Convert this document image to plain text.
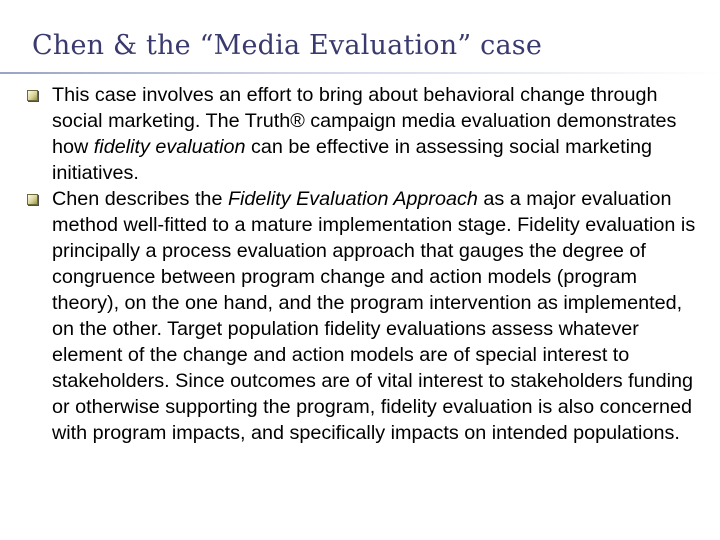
Chen & the “Media Evaluation” case
This case involves an effort to bring about behavioral change through social marketing. The Truth® campaign media evaluation demonstrates how fidelity evaluation can be effective in assessing social marketing initiatives.
Chen describes the Fidelity Evaluation Approach as a major evaluation method well-fitted to a mature implementation stage. Fidelity evaluation is principally a process evaluation approach that gauges the degree of congruence between program change and action models (program theory), on the one hand, and the program intervention as implemented, on the other. Target population fidelity evaluations assess whatever element of the change and action models are of special interest to stakeholders. Since outcomes are of vital interest to stakeholders funding or otherwise supporting the program, fidelity evaluation is also concerned with program impacts, and specifically impacts on intended populations.
